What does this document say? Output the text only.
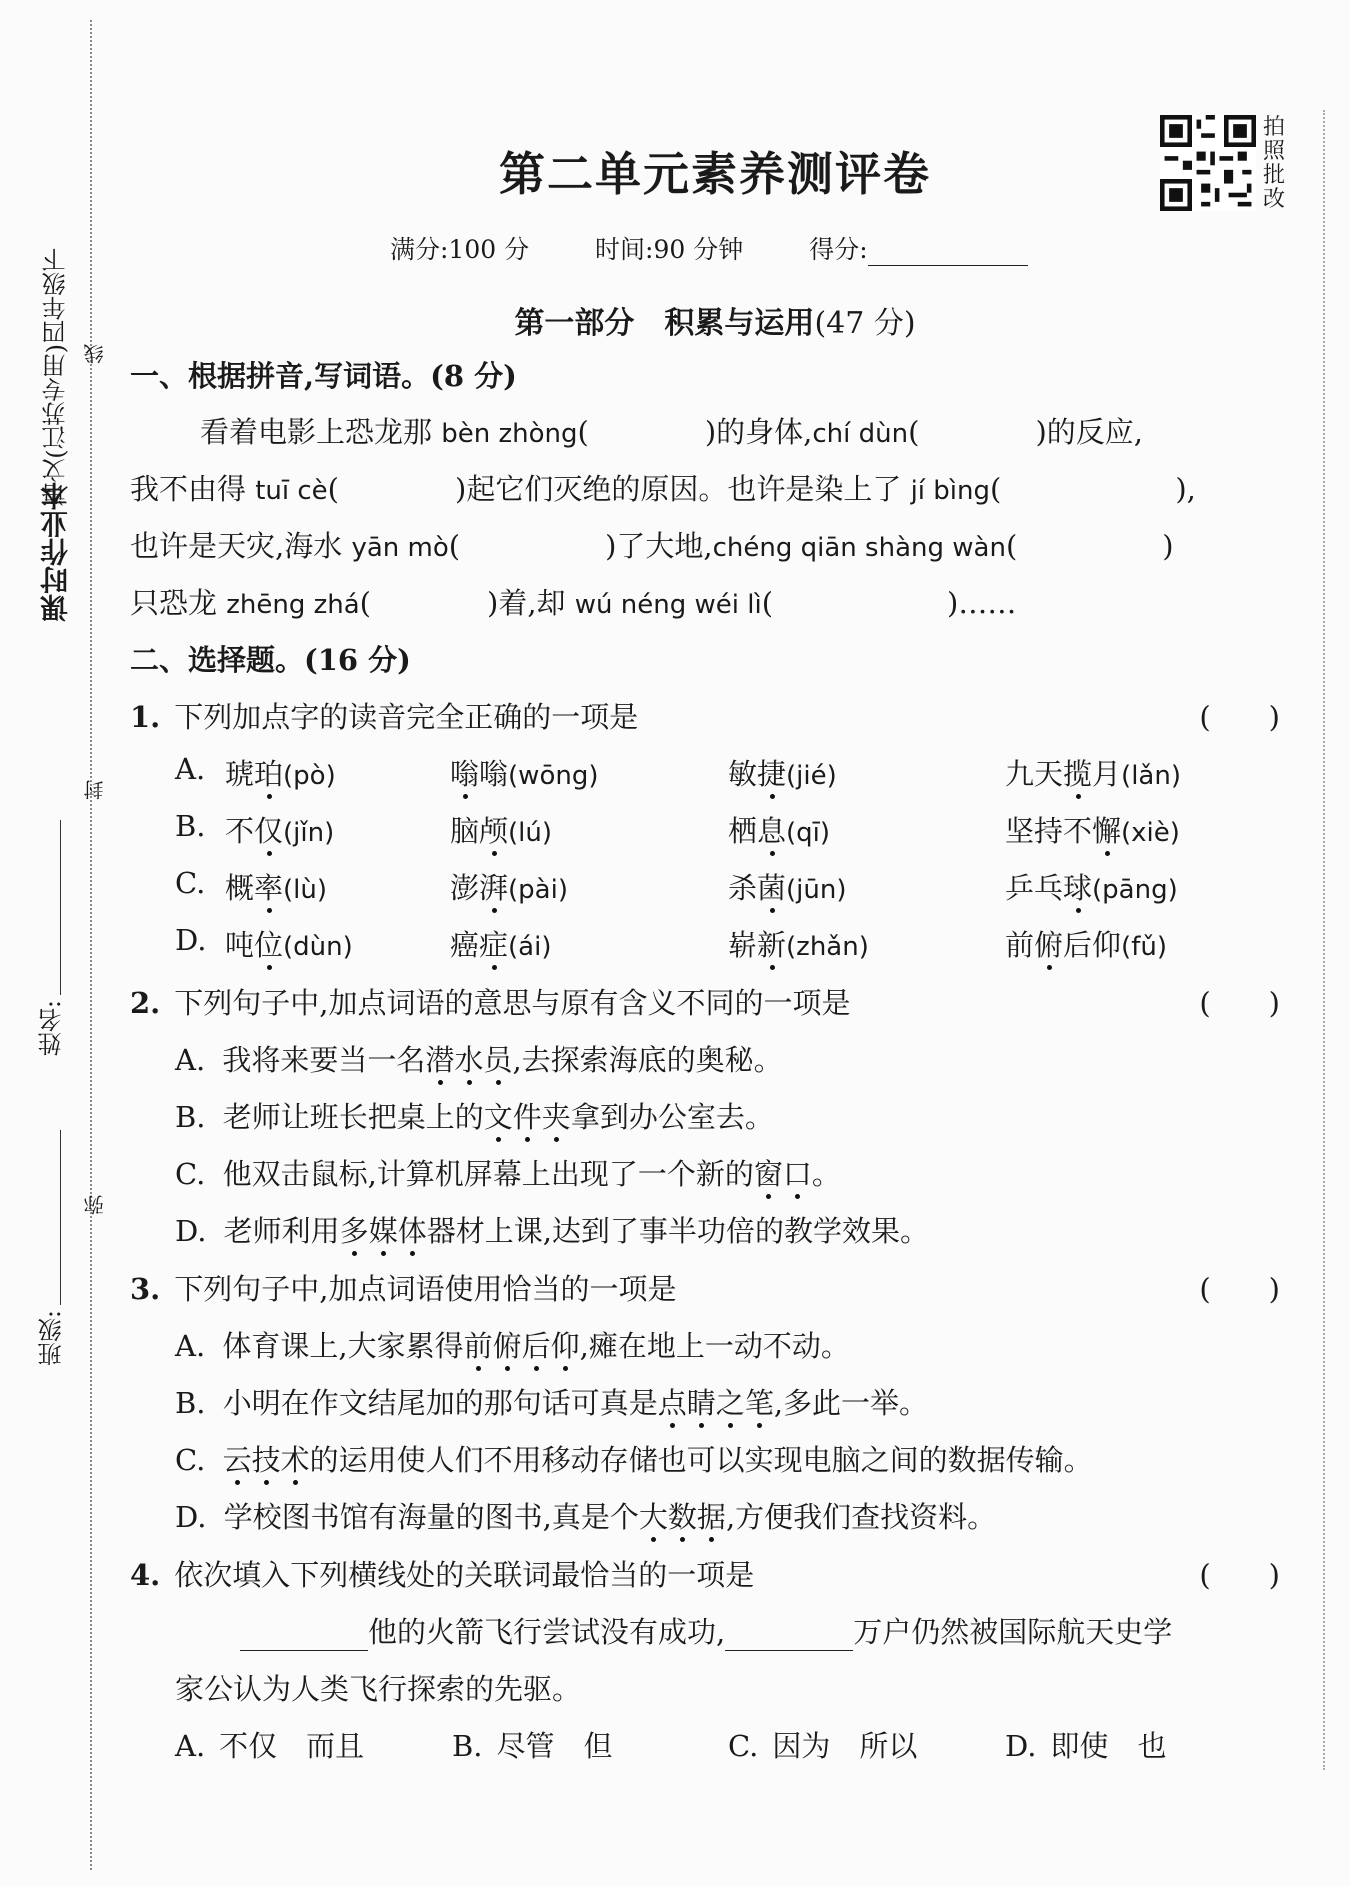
语文(江苏专用)四年级下
课时作业本
线
封
弥
姓名:
班级:
拍
照
批
改
第二单元素养测评卷
满分:100 分	时间:90 分钟	得分:
第一部分　积累与运用(47 分)
一、根据拼音,写词语。(8 分)
看着电影上恐龙那 bèn zhòng(　　　　	)的身体,chí dùn(　　　　	)的反应,
我不由得 tuī cè(　　　　	)起它们灭绝的原因。也许是染上了 jí bìng(　　　　　　	),
也许是天灾,海水 yān mò(　　　　　	)了大地,chéng qiān shàng wàn(　　　　　	)
只恐龙 zhēng zhá(　　　　	)着,却 wú néng wéi lì(　　　　　　	)……
二、选择题。(16 分)
1. 下列加点字的读音完全正确的一项是	(　　)
A. 琥珀(pò)	嗡嗡(wōng)	敏捷(jié)	九天揽月(lǎn)
B. 不仅(jǐn)	脑颅(lú)	栖息(qī)	坚持不懈(xiè)
C. 概率(lù)	澎湃(pài)	杀菌(jūn)	乒乓球(pāng)
D. 吨位(dùn)	癌症(ái)	崭新(zhǎn)	前俯后仰(fǔ)
2. 下列句子中,加点词语的意思与原有含义不同的一项是	(　　)
A. 我将来要当一名潜水员,去探索海底的奥秘。
B. 老师让班长把桌上的文件夹拿到办公室去。
C. 他双击鼠标,计算机屏幕上出现了一个新的窗口。
D. 老师利用多媒体器材上课,达到了事半功倍的教学效果。
3. 下列句子中,加点词语使用恰当的一项是	(　　)
A. 体育课上,大家累得前俯后仰,瘫在地上一动不动。
B. 小明在作文结尾加的那句话可真是点睛之笔,多此一举。
C. 云技术的运用使人们不用移动存储也可以实现电脑之间的数据传输。
D. 学校图书馆有海量的图书,真是个大数据,方便我们查找资料。
4. 依次填入下列横线处的关联词最恰当的一项是	(　　)
他的火箭飞行尝试没有成功,	万户仍然被国际航天史学
家公认为人类飞行探索的先驱。
A. 不仅　而且	B. 尽管　但	C. 因为　所以	D. 即使　也
